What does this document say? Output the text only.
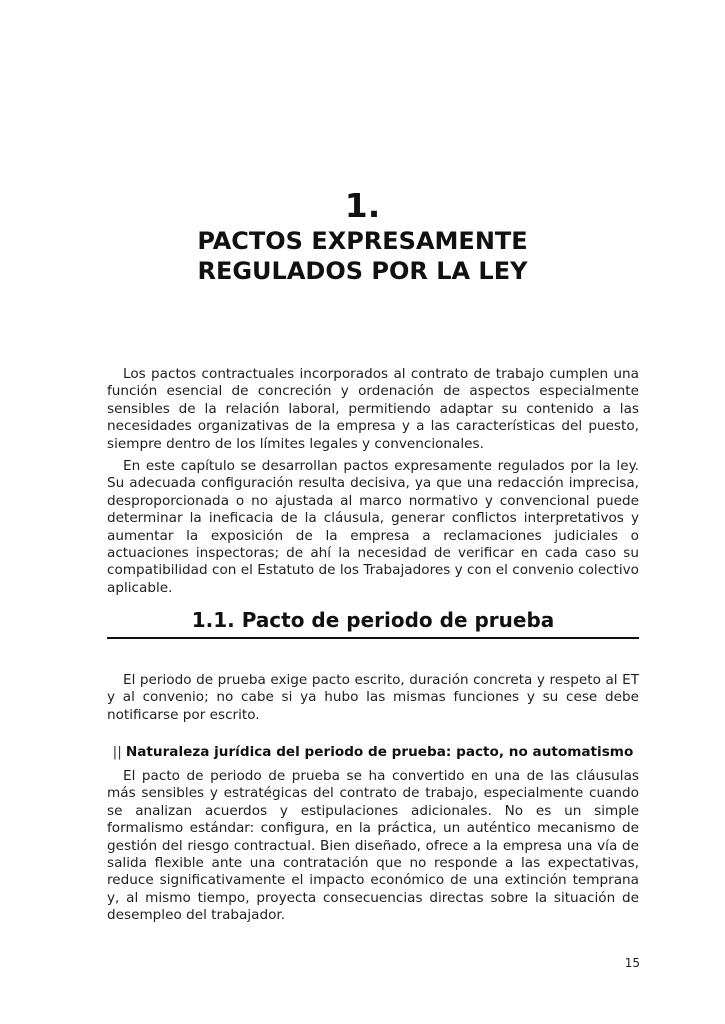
1.
PACTOS EXPRESAMENTE
REGULADOS POR LA LEY

Los pactos contractuales incorporados al contrato de trabajo cumplen una función esencial de concreción y ordenación de aspectos especialmente sensibles de la relación laboral, permitiendo adaptar su contenido a las necesidades organizativas de la empresa y a las características del puesto, siempre dentro de los límites legales y convencionales.

En este capítulo se desarrollan pactos expresamente regulados por la ley. Su adecuada configuración resulta decisiva, ya que una redacción imprecisa, desproporcionada o no ajustada al marco normativo y convencional puede determinar la ineficacia de la cláusula, generar conflictos interpretativos y aumentar la exposición de la empresa a reclamaciones judiciales o actuaciones inspectoras; de ahí la necesidad de verificar en cada caso su compatibilidad con el Estatuto de los Trabajadores y con el convenio colectivo aplicable.

1.1. Pacto de periodo de prueba

El periodo de prueba exige pacto escrito, duración concreta y respeto al ET y al convenio; no cabe si ya hubo las mismas funciones y su cese debe notificarse por escrito.

|| Naturaleza jurídica del periodo de prueba: pacto, no automatismo

El pacto de periodo de prueba se ha convertido en una de las cláusulas más sensibles y estratégicas del contrato de trabajo, especialmente cuando se analizan acuerdos y estipulaciones adicionales. No es un simple formalismo estándar: configura, en la práctica, un auténtico mecanismo de gestión del riesgo contractual. Bien diseñado, ofrece a la empresa una vía de salida flexible ante una contratación que no responde a las expectativas, reduce significativamente el impacto económico de una extinción temprana y, al mismo tiempo, proyecta consecuencias directas sobre la situación de desempleo del trabajador.

15
